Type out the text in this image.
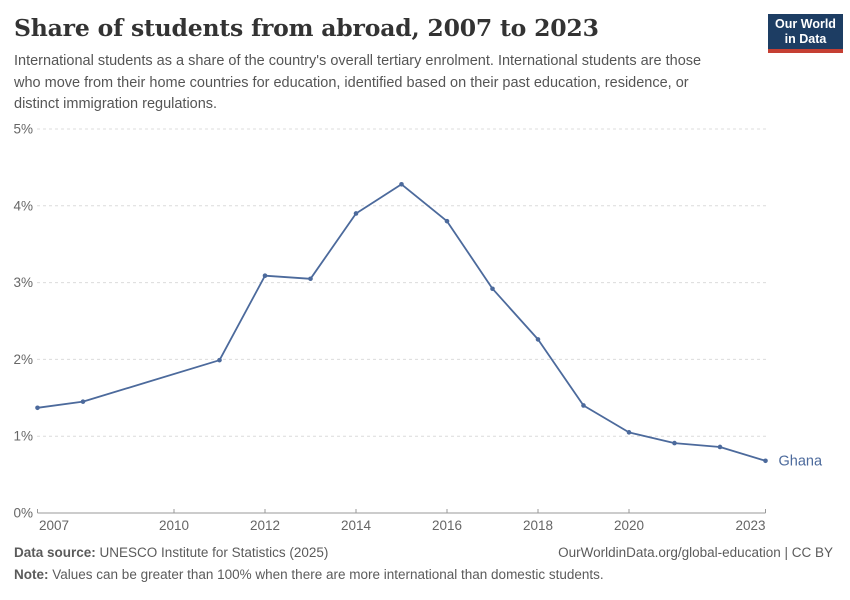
Share of students from abroad, 2007 to 2023	Our World
in Data

International students as a share of the country's overall tertiary enrolment. International students are those who move from their home countries for education, identified based on their past education, residence, or distinct immigration regulations.

0%
1%
2%
3%
4%
5%
2007	2010	2012	2014	2016	2018	2020	2023
Ghana
Data source: UNESCO Institute for Statistics (2025)	OurWorldinData.org/global-education | CC BY
Note: Values can be greater than 100% when there are more international than domestic students.
